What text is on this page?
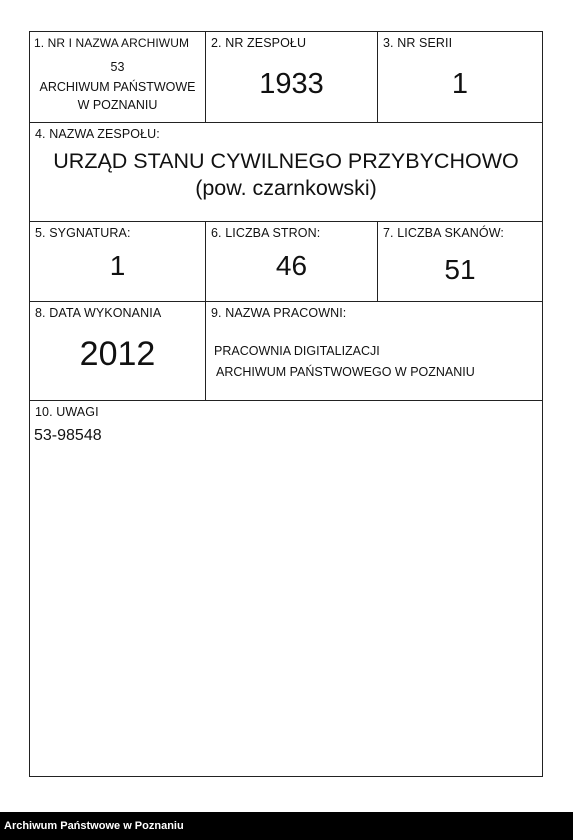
1. NR I NAZWA ARCHIWUM
53
ARCHIWUM PAŃSTWOWE
W POZNANIU
2. NR ZESPOŁU
1933
3. NR SERII
1
4. NAZWA ZESPOŁU:
URZĄD STANU CYWILNEGO PRZYBYCHOWO
(pow. czarnkowski)
5. SYGNATURA:
1
6. LICZBA STRON:
46
7. LICZBA SKANÓW:
51
8. DATA WYKONANIA
2012
9. NAZWA PRACOWNI:
PRACOWNIA DIGITALIZACJI
ARCHIWUM PAŃSTWOWEGO W POZNANIU
10. UWAGI
53-98548
Archiwum Państwowe w Poznaniu
